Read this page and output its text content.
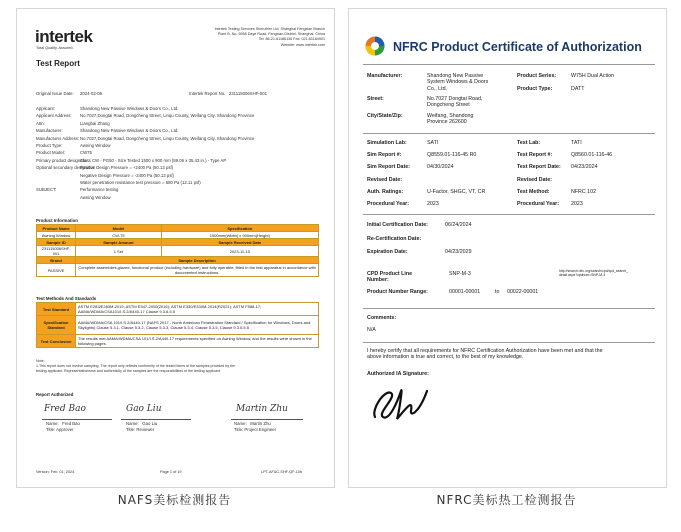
intertek
Total Quality. Assured.
Intertek Testing Services Shenzhen Ltd. Shanghai Fengxian Branch
Plant B, No. 6958 Daye Road, Fengxian District, Shanghai, China
Tel: 86-21-61186136 Fax: 021-61184901
Website: www.intertek.com
Test Report
Original Issue Date: 2024-02-05	Intertek Report No. 231115006SHF-001
Applicant:	Shandong New Passive Windows & Doors Co., Ltd.
Applicant Address: No.7027,Dongtai Road, Dongcheng Street, Linqu County, Weifang City, Shandong Province
Attn:	Liangbai Zhang
Manufacturer:	Shandong New Passive Windows & Doors Co., Ltd.
Manufacturer Address:No.7027,Dongtai Road, Dongcheng Street, Linqu County, Weifang City, Shandong Province
Product Type:	Awning Window
Product Model:	CW75
Primary product designator:Class CW - PG50 - Size Tested 1500 x 900 mm (59.06 x 35.43 in.) - Type AP
Optional secondary designator:Positive Design Pressure = +2400 Pa (50.13 psf)
Negative Design Pressure = -2400 Pa (50.13 psf)
Water penetration resistance test pressure = 580 Pa (12.11 psf)
SUBJECT:	Performance testing
Awning Window
Product Information
Product Name	Model	Specification
Awning Window	CW-75	1500mm(Width) x 900mm(Height)
Sample ID	Sample Amount	Sample Received Date
231115006SHF-001	1 Set	2023-11-15
Brand	Sample Description	
PASSIVE	Complete assemblies,glazed, functional product (including hardware) and fully operable, fitted in the test apparatus in accordance with documented instructions.	
Test Methods And Standards
Test Standard	ASTM E283/E283M-2019; ASTM E547-2000(2016); ASTM E330/E330M-2014(R2021); ASTM F588-17; AAMA/WDMA/CSA101/I.S.2/A440-17 Clause 9.3.6.5.5
Specification Standard	AAMA/WDMA/CSA 101/I.S.2/A440-17 (NAFS 2017 - North American Fenestration Standard / Specification for Windows, Doors and Skylights) Clause 5.3.1, Clause 5.3.2, Clause 5.3.3, Clause 5.3.4, Clause 5.3.5, Clause 9.3.6.5.5
Test Conclusion	The results met AAMA/WDMA/CSA 101/I.S.2/A440-17 requirements specified on Awning Window, and the results were shown in the following pages.
Note:
1.This report does not involve sampling. The report only reflects conformity of the tested items of the samples provided by the
testing applicant. Representativeness and authenticity of the samples are the responsibilities of the testing applicant.
Report Authorized
Fred Bao
Name: Fred Bao
Title: Approver
Gao Liu
Name: Gao Liu
Title: Reviewer
Martin Zhu
Name: Martin Zhu
Title: Project Engineer
Version: Feb. 01, 2024	Page 1 of 19	LPT-AF&C-SHF-QF-10b
NFRC Product Certificate of Authorization
Manufacturer:	Shandong New Passive
System Windows & Doors
Co., Ltd.
Product Series:	W75H Dual Action
Product Type:	DATT
Street:	No.7027 Dongtai Road,
Dongcheng Street
City/State/Zip:	Weifang, Shandong
Province 262600
Simulation Lab:	SATI
Sim Report #:	Q8559.01-116-45 R0
Sim Report Date:	04/30/2024
Revised Date:
Auth. Ratings:	U-Factor, SHGC, VT, CR
Procedural Year:	2023
Test Lab:	TATI
Test Report #:	Q8560.01-116-46
Test Report Date: 04/23/2024
Revised Date:
Test Method:	NFRC 102
Procedural Year: 2023
Initial Certification Date:	06/24/2024
Re-Certification Date:
Expiration Date:	04/23/2029
CPD Product Line
Number:
SNP-M-3	http://search.nfrc.org/search/cpd/cpd_search_
detail.aspx?cpdnum=SNP-M-3
Product Number Range:	00001-00001	to 00022-00001
Comments:
N/A
I hereby certify that all requirements for NFRC Certification Authorization have been met and that the
above information is true and correct, to the best of my knowledge.
Authorized IA Signature:
NAFS美标检测报告	NFRC美标热工检测报告
